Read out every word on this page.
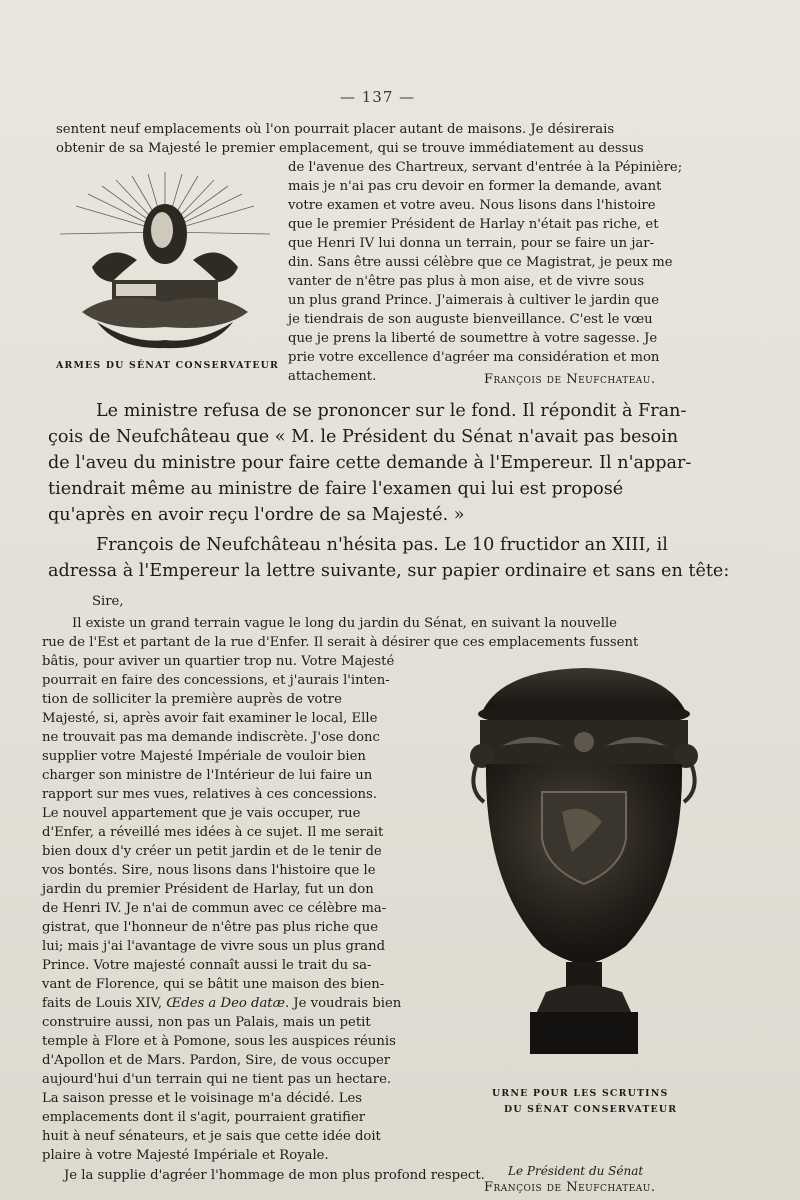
— 137 —
ARMES DU SÉNAT CONSERVATEUR
sentent neuf emplacements où l'on pourrait placer autant de maisons. Je désirerais
obtenir de sa Majesté le premier emplacement, qui se trouve immédiatement au dessus
de l'avenue des Chartreux, servant d'entrée à la Pépinière;
mais je n'ai pas cru devoir en former la demande, avant
votre examen et votre aveu. Nous lisons dans l'histoire
que le premier Président de Harlay n'était pas riche, et
que Henri IV lui donna un terrain, pour se faire un jar-
din. Sans être aussi célèbre que ce Magistrat, je peux me
vanter de n'être pas plus à mon aise, et de vivre sous
un plus grand Prince. J'aimerais à cultiver le jardin que
je tiendrais de son auguste bienveillance. C'est le vœu
que je prens la liberté de soumettre à votre sagesse. Je
prie votre excellence d'agréer ma considération et mon
attachement.	François de Neufchateau.
Le ministre refusa de se prononcer sur le fond. Il répondit à Fran-
çois de Neufchâteau que « M. le Président du Sénat n'avait pas besoin
de l'aveu du ministre pour faire cette demande à l'Empereur. Il n'appar-
tiendrait même au ministre de faire l'examen qui lui est proposé
qu'après en avoir reçu l'ordre de sa Majesté. »
François de Neufchâteau n'hésita pas. Le 10 fructidor an XIII, il
adressa à l'Empereur la lettre suivante, sur papier ordinaire et sans en tête:
Sire,
Il existe un grand terrain vague le long du jardin du Sénat, en suivant la nouvelle
rue de l'Est et partant de la rue d'Enfer. Il serait à désirer que ces emplacements fussent
bâtis, pour aviver un quartier trop nu. Votre Majesté
pourrait en faire des concessions, et j'aurais l'inten-
tion de solliciter la première auprès de votre
Majesté, si, après avoir fait examiner le local, Elle
ne trouvait pas ma demande indiscrète. J'ose donc
supplier votre Majesté Impériale de vouloir bien
charger son ministre de l'Intérieur de lui faire un
rapport sur mes vues, relatives à ces concessions.
Le nouvel appartement que je vais occuper, rue
d'Enfer, a réveillé mes idées à ce sujet. Il me serait
bien doux d'y créer un petit jardin et de le tenir de
vos bontés. Sire, nous lisons dans l'histoire que le
jardin du premier Président de Harlay, fut un don
de Henri IV. Je n'ai de commun avec ce célèbre ma-
gistrat, que l'honneur de n'être pas plus riche que
lui; mais j'ai l'avantage de vivre sous un plus grand
Prince. Votre majesté connaît aussi le trait du sa-
vant de Florence, qui se bâtit une maison des bien-
faits de Louis XIV, Œdes a Deo datæ. Je voudrais bien
construire aussi, non pas un Palais, mais un petit
temple à Flore et à Pomone, sous les auspices réunis
d'Apollon et de Mars. Pardon, Sire, de vous occuper
aujourd'hui d'un terrain qui ne tient pas un hectare.
La saison presse et le voisinage m'a décidé. Les
emplacements dont il s'agit, pourraient gratifier
huit à neuf sénateurs, et je sais que cette idée doit
plaire à votre Majesté Impériale et Royale.
Je la supplie d'agréer l'hommage de mon plus profond respect. Le Président du Sénat
François de Neufchateau.
URNE POUR LES SCRUTINS
DU SÉNAT CONSERVATEUR
